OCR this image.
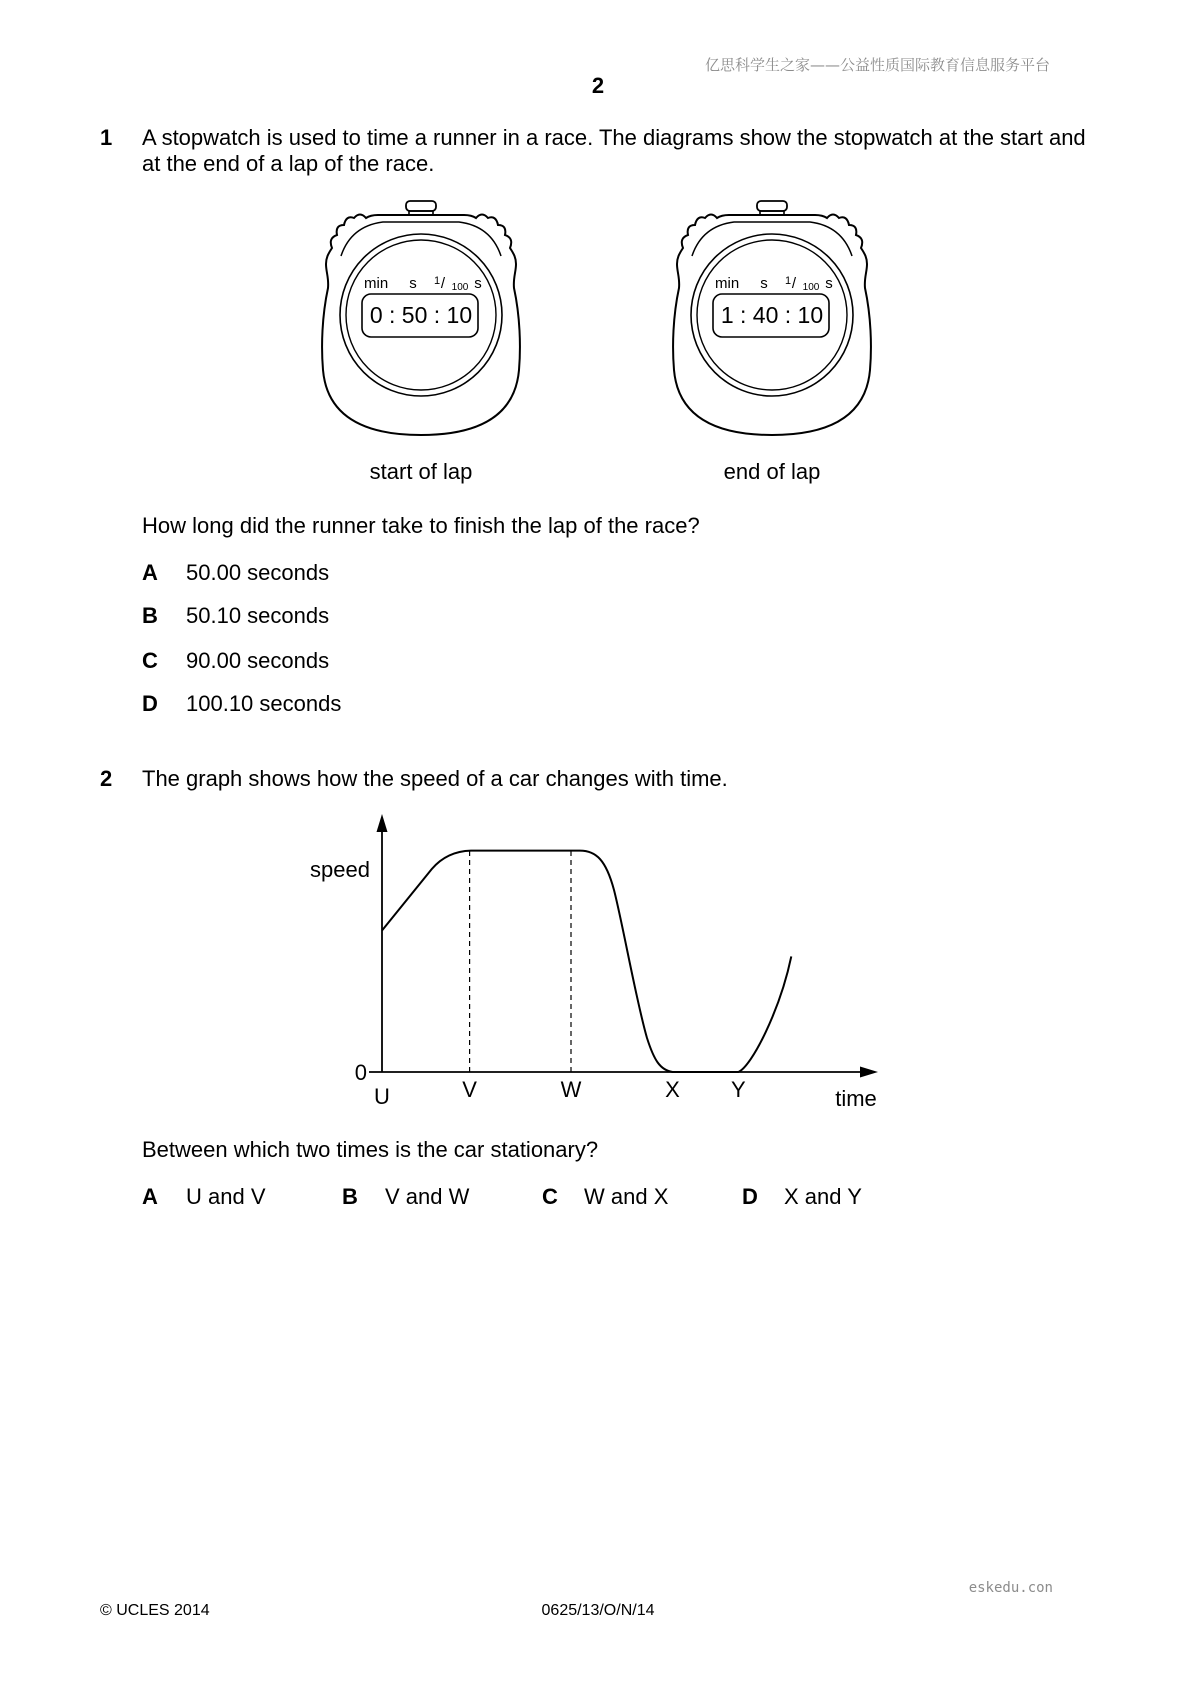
亿思科学生之家——公益性质国际教育信息服务平台
2
1 A stopwatch is used to time a runner in a race. The diagrams show the stopwatch at the start and
at the end of a lap of the race.
min s 1 / 100 s
0 : 50 : 10
min s 1 / 100 s
1 : 40 : 10
start of lap	end of lap
How long did the runner take to finish the lap of the race?
A 50.00 seconds
B 50.10 seconds
C 90.00 seconds
D 100.10 seconds
2 The graph shows how the speed of a car changes with time.
speed
0
U	V	W	X Y	time
Between which two times is the car stationary?
A U and V	B V and W	C W and X	D X and Y
eskedu.con
© UCLES 2014	0625/13/O/N/14
